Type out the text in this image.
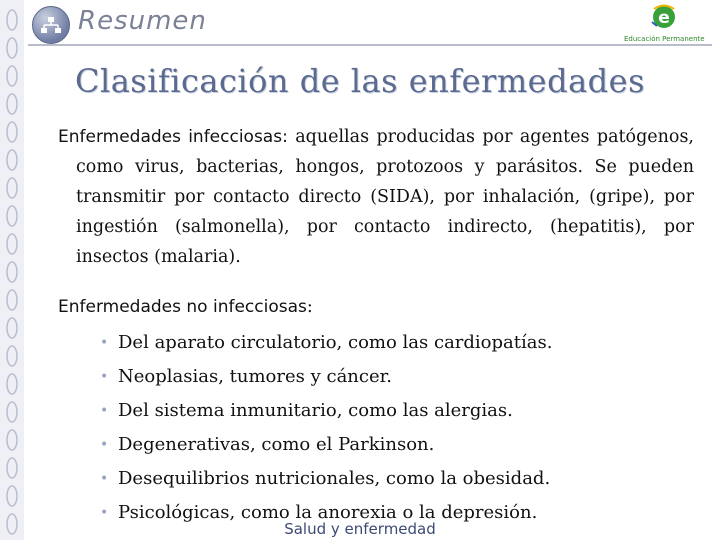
Resumen	e
Educación Permanente
Clasificación de las enfermedades

Enfermedades infecciosas: aquellas producidas por agentes patógenos, como virus, bacterias, hongos, protozoos y parásitos. Se pueden transmitir por contacto directo (SIDA), por inhalación, (gripe), por ingestión (salmonella), por contacto indirecto, (hepatitis), por insectos (malaria).

Enfermedades no infecciosas:
• Del aparato circulatorio, como las cardiopatías.
• Neoplasias, tumores y cáncer.
• Del sistema inmunitario, como las alergias.
• Degenerativas, como el Parkinson.
• Desequilibrios nutricionales, como la obesidad.
• Psicológicas, como la anorexia o la depresión.
Salud y enfermedad
